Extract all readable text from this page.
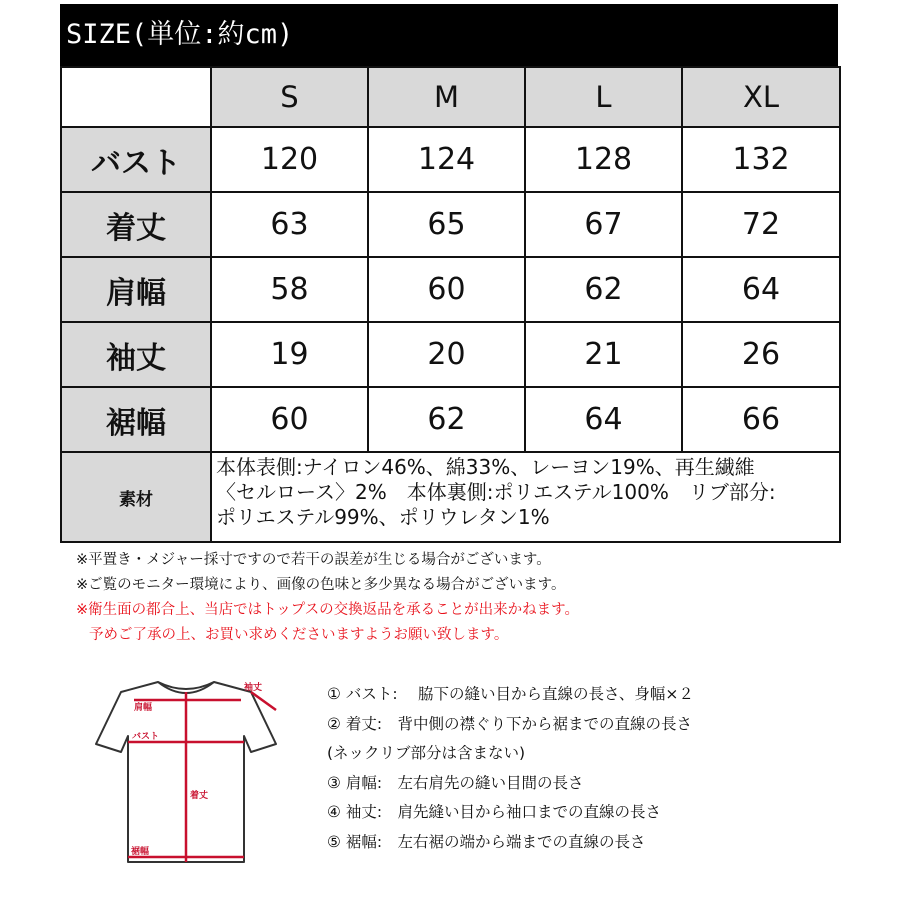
SIZE(単位:約cm)
	S	M	L	XL
バスト	120	124	128	132
着丈	63	65	67	72
肩幅	58	60	62	64
袖丈	19	20	21	26
裾幅	60	62	64	66
素材	本体表側:ナイロン46%、綿33%、レーヨン19%、再生繊維
〈セルロース〉2%　本体裏側:ポリエステル100%　リブ部分:
ポリエステル99%、ポリウレタン1%			
※平置き・メジャー採寸ですので若干の誤差が生じる場合がございます。
※ご覧のモニター環境により、画像の色味と多少異なる場合がございます。
※衛生面の都合上、当店ではトップスの交換返品を承ることが出来かねます。
予めご了承の上、お買い求めくださいますようお願い致します。
袖丈
肩幅
バスト
着丈
裾幅
① バスト:　 脇下の縫い目から直線の長さ、身幅×２
② 着丈:　背中側の襟ぐり下から裾までの直線の長さ
(ネックリブ部分は含まない)
③ 肩幅:　左右肩先の縫い目間の長さ
④ 袖丈:　肩先縫い目から袖口までの直線の長さ
⑤ 裾幅:　左右裾の端から端までの直線の長さ
